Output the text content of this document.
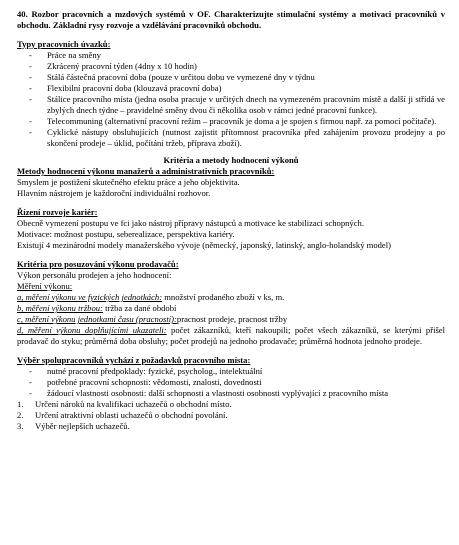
40. Rozbor pracovních a mzdových systémů v OF. Charakterizujte stimulační systémy a motivaci pracovníků v obchodu. Základní rysy rozvoje a vzdělávání pracovníků obchodu.
Typy pracovních úvazků:
- Práce na směny
- Zkrácený pracovní týden (4dny x 10 hodin)
- Stálá částečná pracovní doba (pouze v určitou dobu ve vymezené dny v týdnu
- Flexibilní pracovní doba (klouzavá pracovní doba)
- Stálice pracovního místa (jedna osoba pracuje v určitých dnech na vymezeném pracovním místě a další ji střídá ve zbylých dnech týdne – pravidelné směny dvou či několika osob v rámci jedné pracovní funkce).
- Telecommuning (alternativní pracovní režim – pracovník je doma a je spojen s firmou např. za pomocí počítače).
- Cyklické nástupy obsluhujících (nutnost zajistit přítomnost pracovníka před zahájením provozu prodejny a po skončení prodeje – úklid, počítání tržeb, příprava zboží).
Kritéria a metody hodnocení výkonů
Metody hodnocení výkonu manažerů a administrativních pracovníků:
Smyslem je postižení skutečného efektu práce a jeho objektivita.
Hlavním nástrojem je každoroční individuální rozhovor.
Řízení rozvoje kariér:
Obecně vymezení postupu ve fci jako nástroj přípravy nástupců a motivace ke stabilizaci schopných.
Motivace: možnost postupu, seberealizace, perspektiva kariéry.
Existují 4 mezinárodní modely manažerského vývoje (německý, japonský, latinský, anglo-holandský model)
Kritéria pro posuzování výkonu prodavačů:
Výkon personálu prodejen a jeho hodnocení:
Měření výkonu:
a, měření výkonu ve fyzických jednotkách: množství prodaného zboží v ks, m.
b, měření výkonu tržbou: tržba za dané období
c, měření výkonu jednotkami času (pracností):pracnost prodeje, pracnost tržby
d, měření výkonu doplňujícími ukazateli: počet zákazníků, kteří nakoupili; počet všech zákazníků, se kterými přišel prodavač do styku; průměrná doba obsluhy; počet prodejů na jednoho prodavače; průměrná hodnota jednoho prodeje.
Výběr spolupracovníků vychází z požadavků pracovního místa:
- nutné pracovní předpoklady: fyzické, psycholog., intelektuální
- potřebné pracovní schopnosti: vědomosti, znalosti, dovednosti
- žádoucí vlastnosti osobnosti: další schopnosti a vlastnosti osobnosti vyplývající z pracovního místa
1. Určení nároků na kvalifikaci uchazečů o obchodní místo.
2. Určení atraktivní oblasti uchazečů o obchodní povolání.
3. Výběr nejlepších uchazečů.
